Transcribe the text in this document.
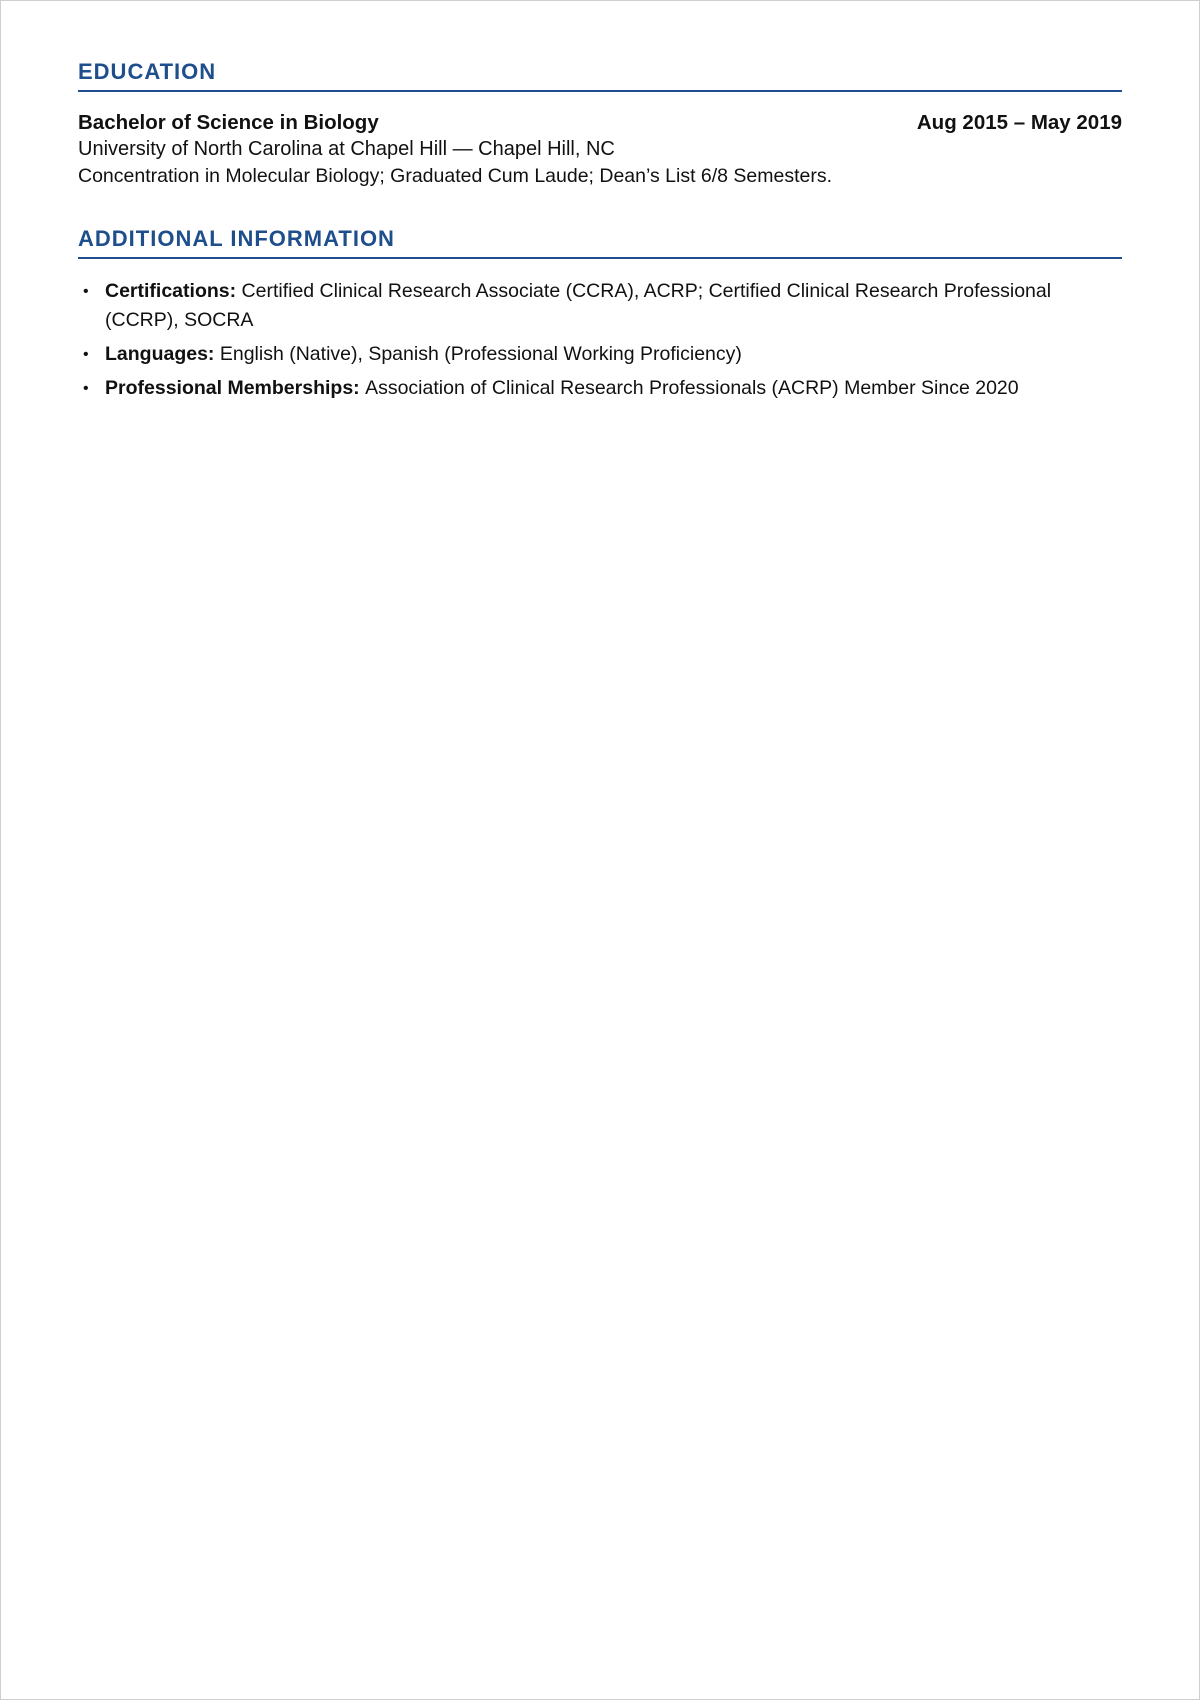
EDUCATION
Bachelor of Science in Biology	Aug 2015 – May 2019
University of North Carolina at Chapel Hill — Chapel Hill, NC
Concentration in Molecular Biology; Graduated Cum Laude; Dean’s List 6/8 Semesters.
ADDITIONAL INFORMATION
• Certifications: Certified Clinical Research Associate (CCRA), ACRP; Certified Clinical Research Professional (CCRP), SOCRA
• Languages: English (Native), Spanish (Professional Working Proficiency)
• Professional Memberships: Association of Clinical Research Professionals (ACRP) Member Since 2020
